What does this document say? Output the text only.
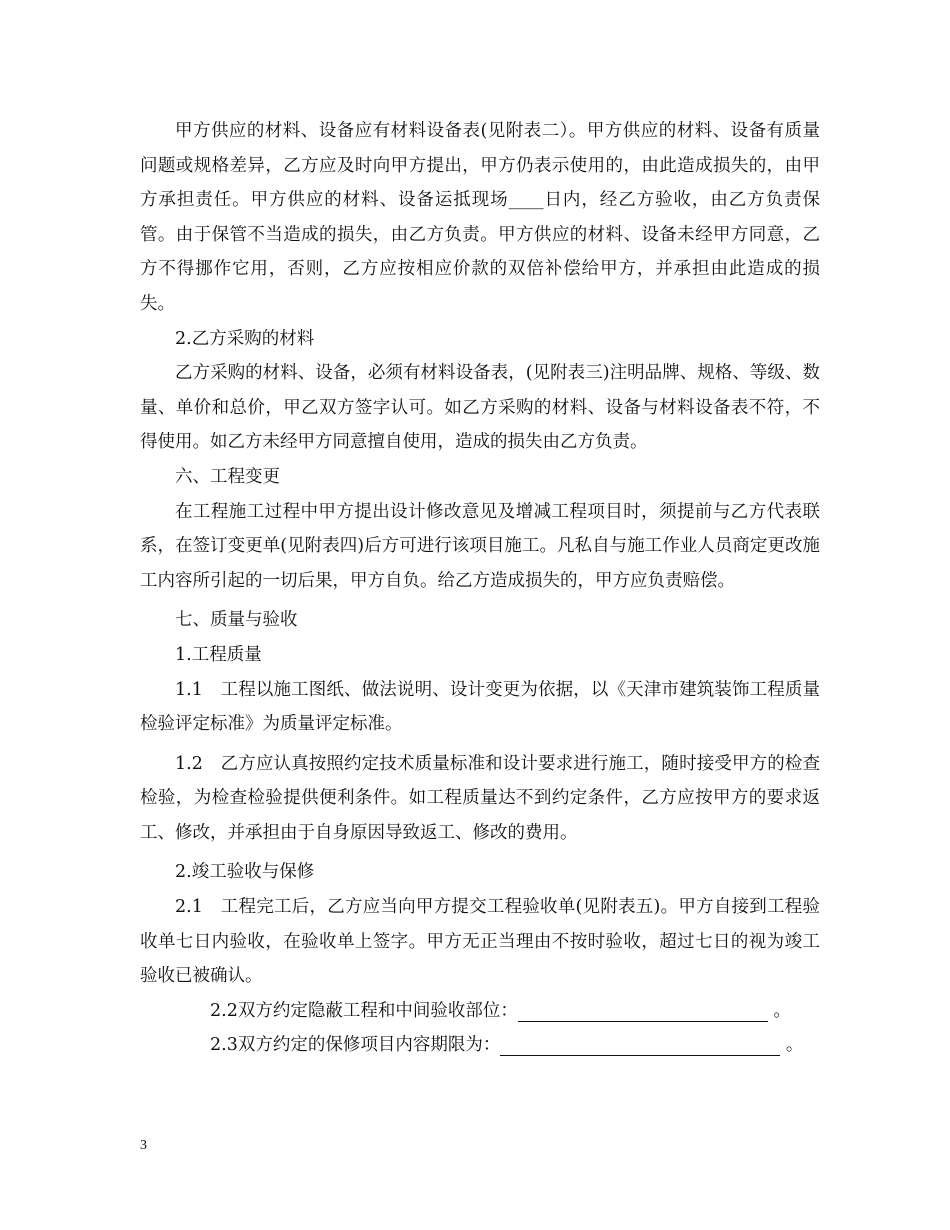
甲方供应的材料、设备应有材料设备表(见附表二）。甲方供应的材料、设备有质量问题或规格差异，乙方应及时向甲方提出，甲方仍表示使用的，由此造成损失的，由甲方承担责任。甲方供应的材料、设备运抵现场____日内，经乙方验收，由乙方负责保管。由于保管不当造成的损失，由乙方负责。甲方供应的材料、设备未经甲方同意，乙方不得挪作它用，否则，乙方应按相应价款的双倍补偿给甲方，并承担由此造成的损失。

2.乙方采购的材料

乙方采购的材料、设备，必须有材料设备表，(见附表三)注明品牌、规格、等级、数量、单价和总价，甲乙双方签字认可。如乙方采购的材料、设备与材料设备表不符，不得使用。如乙方未经甲方同意擅自使用，造成的损失由乙方负责。

六、工程变更

在工程施工过程中甲方提出设计修改意见及增减工程项目时，须提前与乙方代表联系，在签订变更单(见附表四)后方可进行该项目施工。凡私自与施工作业人员商定更改施工内容所引起的一切后果，甲方自负。给乙方造成损失的，甲方应负责赔偿。

七、质量与验收

1.工程质量

1.1　工程以施工图纸、做法说明、设计变更为依据，以《天津市建筑装饰工程质量检验评定标准》为质量评定标准。

1.2　乙方应认真按照约定技术质量标准和设计要求进行施工，随时接受甲方的检查检验，为检查检验提供便利条件。如工程质量达不到约定条件，乙方应按甲方的要求返工、修改，并承担由于自身原因导致返工、修改的费用。

2.竣工验收与保修

2.1　工程完工后，乙方应当向甲方提交工程验收单(见附表五)。甲方自接到工程验收单七日内验收，在验收单上签字。甲方无正当理由不按时验收，超过七日的视为竣工验收已被确认。

2.2双方约定隐蔽工程和中间验收部位：	。

2.3双方约定的保修项目内容期限为：	。

3
